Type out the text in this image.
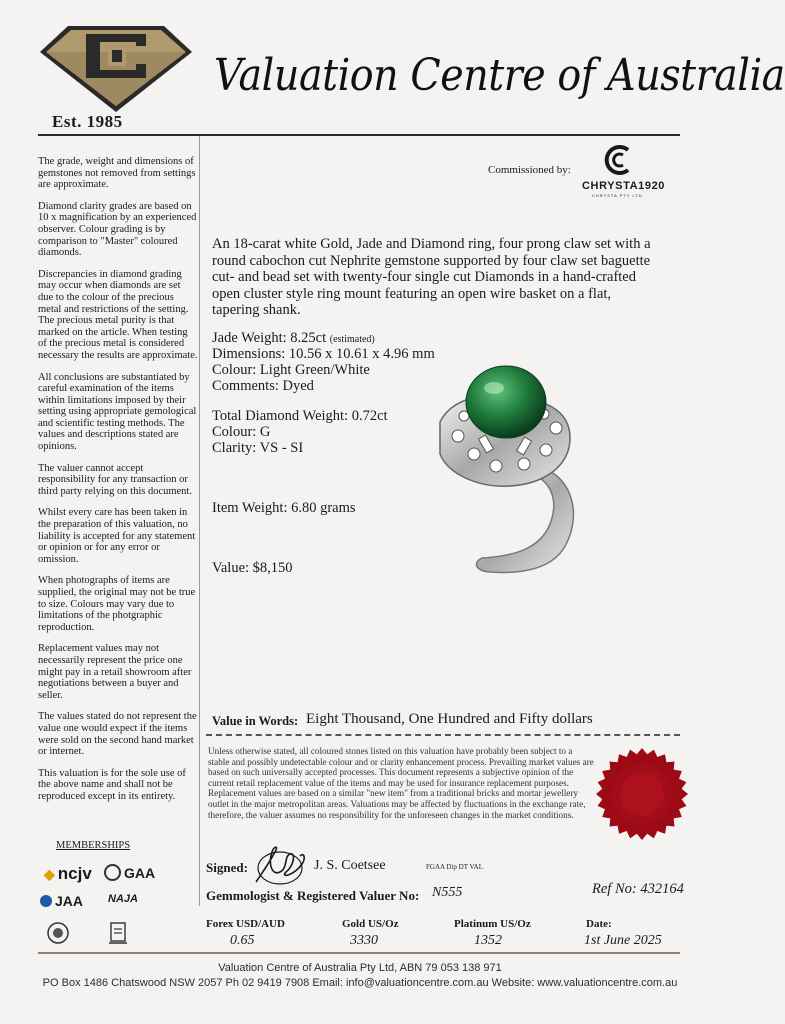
Est. 1985
Valuation Centre of Australia

The grade, weight and dimensions of gemstones not removed from settings are approximate.

Diamond clarity grades are based on 10 x magnification by an experienced observer. Colour grading is by comparison to "Master" coloured diamonds.

Discrepancies in diamond grading may occur when diamonds are set due to the colour of the precious metal and restrictions of the setting. The precious metal purity is that marked on the article. When testing of the precious metal is considered necessary the results are approximate.

All conclusions are substantiated by careful examination of the items within limitations imposed by their setting using appropriate gemological and scientific testing methods. The values and descriptions stated are opinions.

The valuer cannot accept responsibility for any transaction or third party relying on this document.

Whilst every care has been taken in the preparation of this valuation, no liability is accepted for any statement or opinion or for any error or omission.

When photographs of items are supplied, the original may not be true to size. Colours may vary due to limitations of the photgraphic reproduction.

Replacement values may not necessarily represent the price one might pay in a retail showroom after negotiations between a buyer and seller.

The values stated do not represent the value one would expect if the items were sold on the second hand market or internet.

This valuation is for the sole use of the above name and shall not be reproduced except in its entirety.

MEMBERSHIPS
◆ ncjv GAA
JAA NAJA
Commissioned by:
CHRYSTA1920
CHRYSTA PTY LTD
An 18-carat white Gold, Jade and Diamond ring, four prong claw set with a round cabochon cut Nephrite gemstone supported by four claw set baguette cut- and bead set with twenty-four single cut Diamonds in a hand-crafted open cluster style ring mount featuring an open wire basket on a flat, tapering shank.
Jade Weight: 8.25ct (estimated)
Dimensions: 10.56 x 10.61 x 4.96 mm
Colour: Light Green/White
Comments: Dyed
Total Diamond Weight: 0.72ct
Colour: G
Clarity: VS - SI
Item Weight: 6.80 grams
Value: $8,150
Value in Words: Eight Thousand, One Hundred and Fifty dollars
Unless otherwise stated, all coloured stones listed on this valuation have probably been subject to a stable and possibly undetectable colour and or clarity enhancement process. Prevailing market values are based on such universally accepted processes. This document represents a subjective opinion of the current retail replacement value of the items and may be used for insurance replacement purposes. Replacement values are based on a similar "new item" from a traditional bricks and mortar jewellery outlet in the major metropolitan areas. Valuations may be affected by fluctuations in the exchange rate, therefore, the valuer assumes no responsibility for the unforeseen changes in the market conditions.
Signed:	J. S. Coetsee	FGAA Dip DT VAL
Gemmologist & Registered Valuer No: N555	Ref No: 432164
Forex USD/AUD
0.65
Gold US/Oz
3330
Platinum US/Oz
1352
Date:
1st June 2025
Valuation Centre of Australia Pty Ltd, ABN 79 053 138 971
PO Box 1486 Chatswood NSW 2057 Ph 02 9419 7908 Email: info@valuationcentre.com.au Website: www.valuationcentre.com.au
